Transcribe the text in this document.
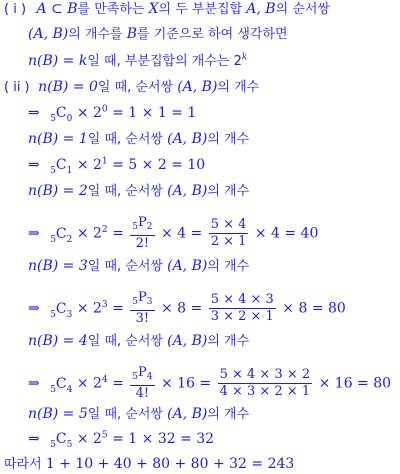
( i ) A ⊂ B를 만족하는 X의 두 부분집합 A, B의 순서쌍
(A, B)의 개수를 B를 기준으로 하여 생각하면
n(B) = k일 때, 부분집합의 개수는 2$^k$
( ii ) n(B) = 0일 때, 순서쌍 (A, B)의 개수
⇒ $_5C_0 \times 2^0 = 1 \times 1 = 1$
n(B) = 1일 때, 순서쌍 (A, B)의 개수
⇒ $_5C_1 \times 2^1 = 5 \times 2 = 10$
n(B) = 2일 때, 순서쌍 (A, B)의 개수
⇒ $_5C_2 \times 2^2 = \frac{_5P_2}{2!} \times 4 = \frac{5 \times 4}{2 \times 1} \times 4 = 40$
n(B) = 3일 때, 순서쌍 (A, B)의 개수
⇒ $_5C_3 \times 2^3 = \frac{_5P_3}{3!} \times 8 = \frac{5 \times 4 \times 3}{3 \times 2 \times 1} \times 8 = 80$
n(B) = 4일 때, 순서쌍 (A, B)의 개수
⇒ $_5C_4 \times 2^4 = \frac{_5P_4}{4!} \times 16 = \frac{5 \times 4 \times 3 \times 2}{4 \times 3 \times 2 \times 1} \times 16 = 80$
n(B) = 5일 때, 순서쌍 (A, B)의 개수
⇒ $_5C_5 \times 2^5 = 1 \times 32 = 32$
따라서 1 + 10 + 40 + 80 + 80 + 32 = 243
